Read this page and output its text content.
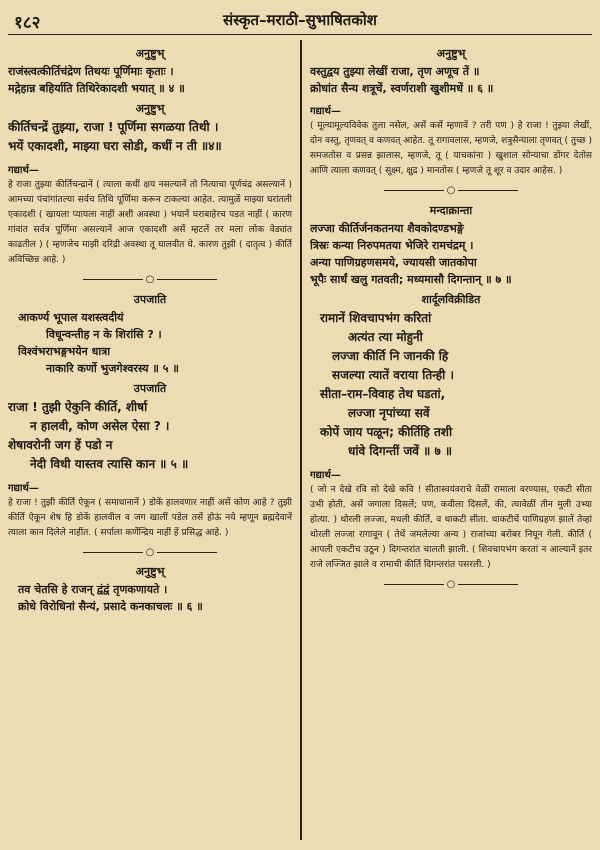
१८२	संस्कृत–मराठी–सुभाषितकोश
अनुष्टुभ्
राजंस्त्वत्कीर्तिचंद्रेण तिथयः पूर्णिमाः कृताः ।
मद्गेहान्न बहिर्याति तिथिरेकादशी भयात् ॥ ४ ॥
अनुष्टुभ्
कीर्तिचन्द्रें तुझ्या, राजा ! पूर्णिमा सगळया तिथी ।
भयें एकादशी, माझ्या घरा सोडी, कधीं न ती ॥४॥
गद्यार्थ—
हे राजा तुझ्या कीर्तिचन्द्रानें ( त्याला कधीं क्षय नसल्यानें तो नित्याचा पूर्णचंद्र असल्यानें ) आमच्या पंचांगांतल्या सर्वच तिथि पूर्णिमा करून टाकल्या आहेत. त्यामुळें माझ्या घरांतली एकादशी ( खायला प्यायला नाहीं अशी अवस्था ) भयानें घराबाहेरच पडत नाहीं ( कारण गांवांत सर्वत्र पूर्णिमा असल्यानें आज एकादशी असें म्हटलें तर मला लोक वेड्यांत काढतील ) ( म्हणजेच माझी दरिद्री अवस्था तू घालवीत घे. कारण तुझी ( दातृत्व ) कीर्ति अविच्छिन्न आहे. )
○
उपजाति
आकर्ण्य भूपाल यशस्त्वदीयं
विधून्वन्तीह न के शिरांसि ? ।
विश्वंभराभङ्गभयेन धात्रा
नाकारि कर्णो भुजगेश्वरस्य ॥ ५ ॥
उपजाति
राजा ! तुझी ऐकुनि कीर्ति, शीर्षा
न हालवी, कोण असेल ऐसा ? ।
शेषावरोनी जग हें पडो न
नेदी विधी यास्तव त्यासि कान ॥ ५ ॥
गद्यार्थ—
हे राजा ! तुझी कीर्ति ऐकून ( समाधानानें ) डोकें हालवणार नाहीं असें कोण आहे ? तुझी कीर्ति ऐकून शेष हि डोकें हालवील व जग खालीं पडेल तसें होऊं नये म्हणून ब्रह्मदेवानें त्याला कान दिलेले नाहींत. ( सर्पाला कर्णेन्द्रिय नाहीं हें प्रसिद्ध आहे. )
○
अनुष्टुभ्
तव चेतसि हे राजन् द्वंद्वं तृणकणायते ।
क्रोधे विरोधिनां सैन्यं, प्रसादे कनकाचलः ॥ ६ ॥
अनुष्टुभ्
वस्तुद्वय तुझ्या लेखीं राजा, तृण अणूच तें ॥
क्रोधांत सैन्य शत्रूचें, स्वर्णराशी खुशीमधें ॥ ६ ॥
गद्यार्थ—
( मूल्यामूल्यविवेक तुला नसेल, असें कसें म्हणावें ? तरी पण ) हे राजा ! तुझ्या लेखीं, दोन वस्तु, तृणवत् व कणवत् आहेत. तू रागावलास, म्हणजे, शत्रुसैन्याला तृणवत् ( तुच्छ ) समजतोस व प्रसन्न झालास, म्हणजे, तू ( याचकांना ) खुशाल सोन्याचा डोंगर देतोस आणि त्याला कणवत् ( सूक्ष्म, क्षुद्र ) मानतोस ( म्हणजे तू शूर व उदार आहेस. )
○
मन्दाक्रान्ता
लज्जा कीर्तिर्जनकतनया शैवकोदण्डभङ्गे
त्रिस्रः कन्या निरुपमतया भेजिरे रामचंद्रम् ।
अन्या पाणिग्रहणसमये, ज्यायसी जातकोपा
भूपैः सार्धं खलु गतवती; मध्यमासौ दिगन्तान् ॥ ७ ॥
शार्दूलविक्रीडित
रामानें शिवचापभंग करितां
अत्यंत त्या मोहुनी
लज्जा कीर्ति नि जानकी हि
सजल्या त्यातें वराया तिन्ही ।
सीता–राम–विवाह तेथ घडतां,
लज्जा नृपांच्या सवें
कोपें जाय पळून; कीर्तिहि तशी
धांवे दिगन्तीं जवें ॥ ७ ॥
गद्यार्थ—
( जो न देखे रवि सो देखे कवि ! सीतास्वयंवराचे वेळीं रामाला वरण्यास, एकटी सीता उभी होती, असें जगाला दिसलें; पण, कवीला दिसलें, की, त्यावेळीं तीन मुली उभ्या होत्या. ) थोरली लज्जा, मधली कीर्ति, व धाकटी सीता. धाकटीचें पाणिग्रहण झालें तेव्हां थोरली लज्जा रागावून ( तेथें जमलेल्या अन्य ) राजांच्या बरोबर निघून गेली. कीर्ति ( आपली एकटीच उठून ) दिगन्तरांत चालती झाली. ( शिवचापभंग करतां न आल्यानें इतर राजे लज्जित झाले व रामाची कीर्ति दिगन्तरांत पसरली. )
○
